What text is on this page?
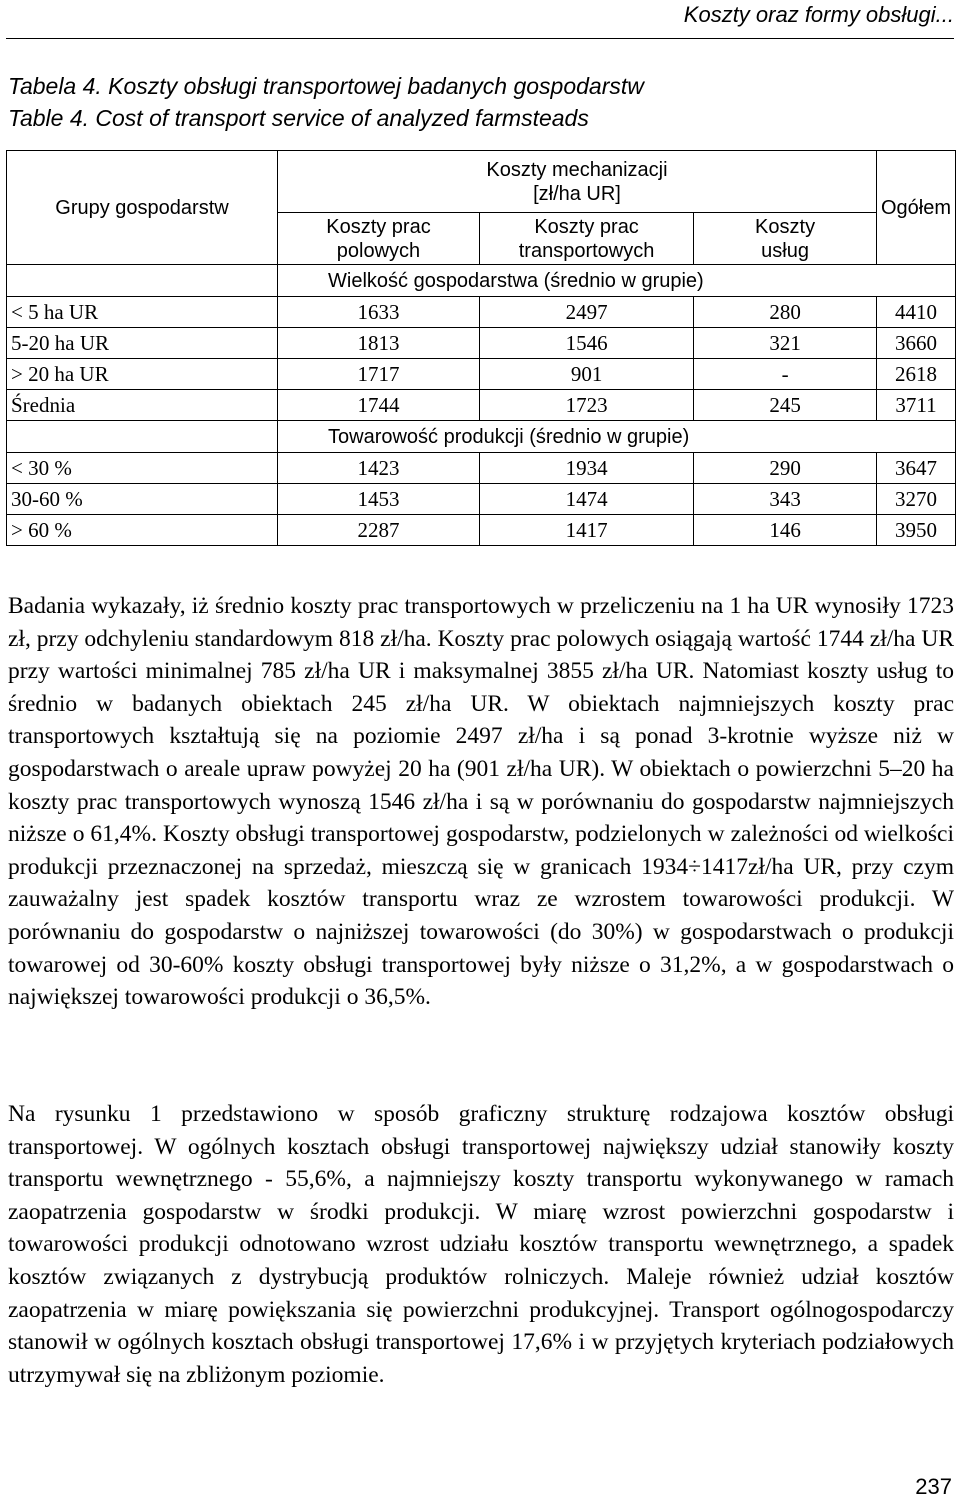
Koszty oraz formy obsługi...
Tabela 4. Koszty obsługi transportowej badanych gospodarstw
Table 4. Cost of transport service of analyzed farmsteads
Grupy gospodarstw	Koszty mechanizacji [zł/ha UR]			Ogółem
	Koszty prac polowych	Koszty prac transportowych	Koszty usług	
	Wielkość gospodarstwa (średnio w grupie)			
< 5 ha UR	1633	2497	280	4410
5-20 ha UR	1813	1546	321	3660
> 20 ha UR	1717	901	-	2618
Średnia	1744	1723	245	3711
	Towarowość produkcji (średnio w grupie)			
< 30 %	1423	1934	290	3647
30-60 %	1453	1474	343	3270
> 60 %	2287	1417	146	3950

Badania wykazały, iż średnio koszty prac transportowych w przeliczeniu na 1 ha UR wynosiły 1723 zł, przy odchyleniu standardowym 818 zł/ha. Koszty prac polowych osiągają wartość 1744 zł/ha UR przy wartości minimalnej 785 zł/ha UR i maksymalnej 3855 zł/ha UR. Natomiast koszty usług to średnio w badanych obiektach 245 zł/ha UR. W obiektach najmniejszych koszty prac transportowych kształtują się na poziomie 2497 zł/ha i są ponad 3-krotnie wyższe niż w gospodarstwach o areale upraw powyżej 20 ha (901 zł/ha UR). W obiektach o powierzchni 5–20 ha koszty prac transportowych wynoszą 1546 zł/ha i są w porównaniu do gospodarstw najmniejszych niższe o 61,4%. Koszty obsługi transportowej gospodarstw, podzielonych w zależności od wielkości produkcji przeznaczonej na sprzedaż, mieszczą się w granicach 1934÷1417zł/ha UR, przy czym zauważalny jest spadek kosztów transportu wraz ze wzrostem towarowości produkcji. W porównaniu do gospodarstw o najniższej towarowości (do 30%) w gospodarstwach o produkcji towarowej od 30-60% koszty obsługi transportowej były niższe o 31,2%, a w gospodarstwach o największej towarowości produkcji o 36,5%.

Na rysunku 1 przedstawiono w sposób graficzny strukturę rodzajowa kosztów obsługi transportowej. W ogólnych kosztach obsługi transportowej największy udział stanowiły koszty transportu wewnętrznego - 55,6%, a najmniejszy koszty transportu wykonywanego w ramach zaopatrzenia gospodarstw w środki produkcji. W miarę wzrost powierzchni gospodarstw i towarowości produkcji odnotowano wzrost udziału kosztów transportu wewnętrznego, a spadek kosztów związanych z dystrybucją produktów rolniczych. Maleje również udział kosztów zaopatrzenia w miarę powiększania się powierzchni produkcyjnej. Transport ogólnogospodarczy stanowił w ogólnych kosztach obsługi transportowej 17,6% i w przyjętych kryteriach podziałowych utrzymywał się na zbliżonym poziomie.

237
